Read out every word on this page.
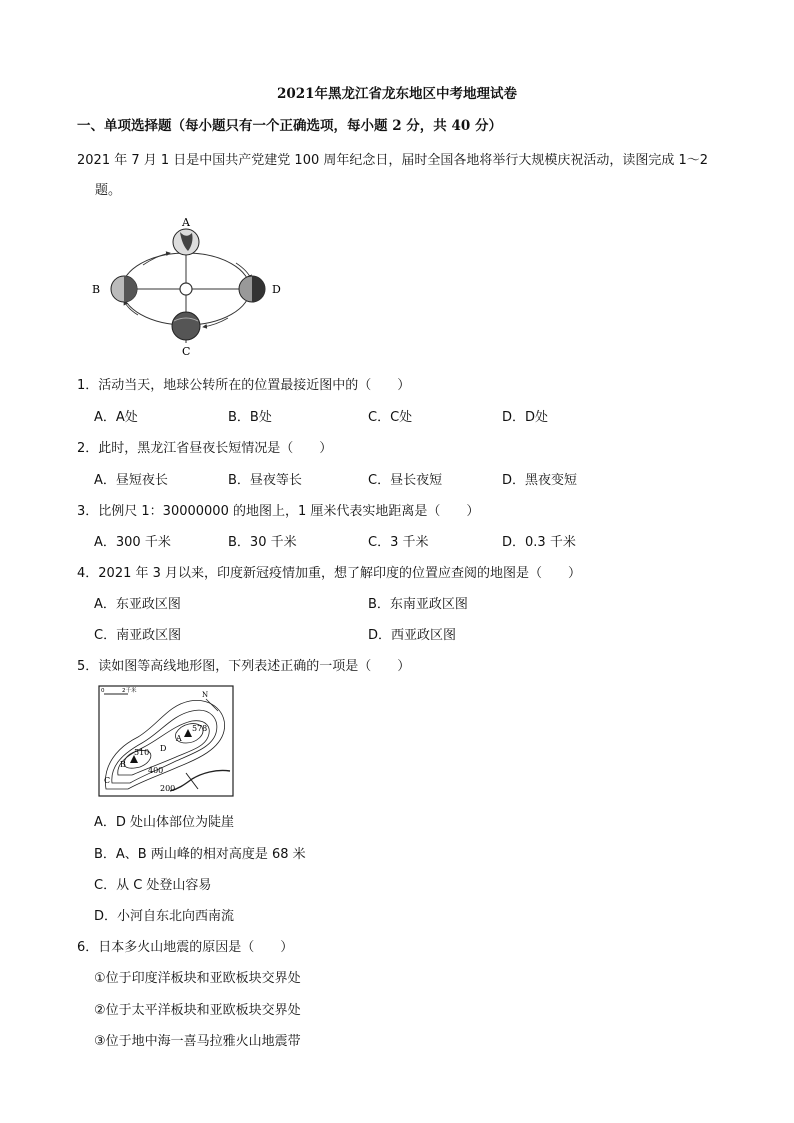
2021年黑龙江省龙东地区中考地理试卷
一、单项选择题（每小题只有一个正确选项，每小题 2 分，共 40 分）
2021 年 7 月 1 日是中国共产党建党 100 周年纪念日，届时全国各地将举行大规模庆祝活动，读图完成 1～2
题。
A
B
C
D
1．活动当天，地球公转所在的位置最接近图中的（　　）
A．A处	B．B处	C．C处	D．D处
2．此时，黑龙江省昼夜长短情况是（　　）
A．昼短夜长	B．昼夜等长	C．昼长夜短	D．黑夜变短
3．比例尺 1：30000000 的地图上，1 厘米代表实地距离是（　　）
A．300 千米	B．30 千米	C．3 千米	D．0.3 千米
4．2021 年 3 月以来，印度新冠疫情加重，想了解印度的位置应查阅的地图是（　　）
A．东亚政区图	B．东南亚政区图
C．南亚政区图	D．西亚政区图
5．读如图等高线地形图，下列表述正确的一项是（　　）
0	2千米	N
A
578
B
510
C
D
400
200
A．D 处山体部位为陡崖
B．A、B 两山峰的相对高度是 68 米
C．从 C 处登山容易
D．小河自东北向西南流
6．日本多火山地震的原因是（　　）
①位于印度洋板块和亚欧板块交界处
②位于太平洋板块和亚欧板块交界处
③位于地中海一喜马拉雅火山地震带
